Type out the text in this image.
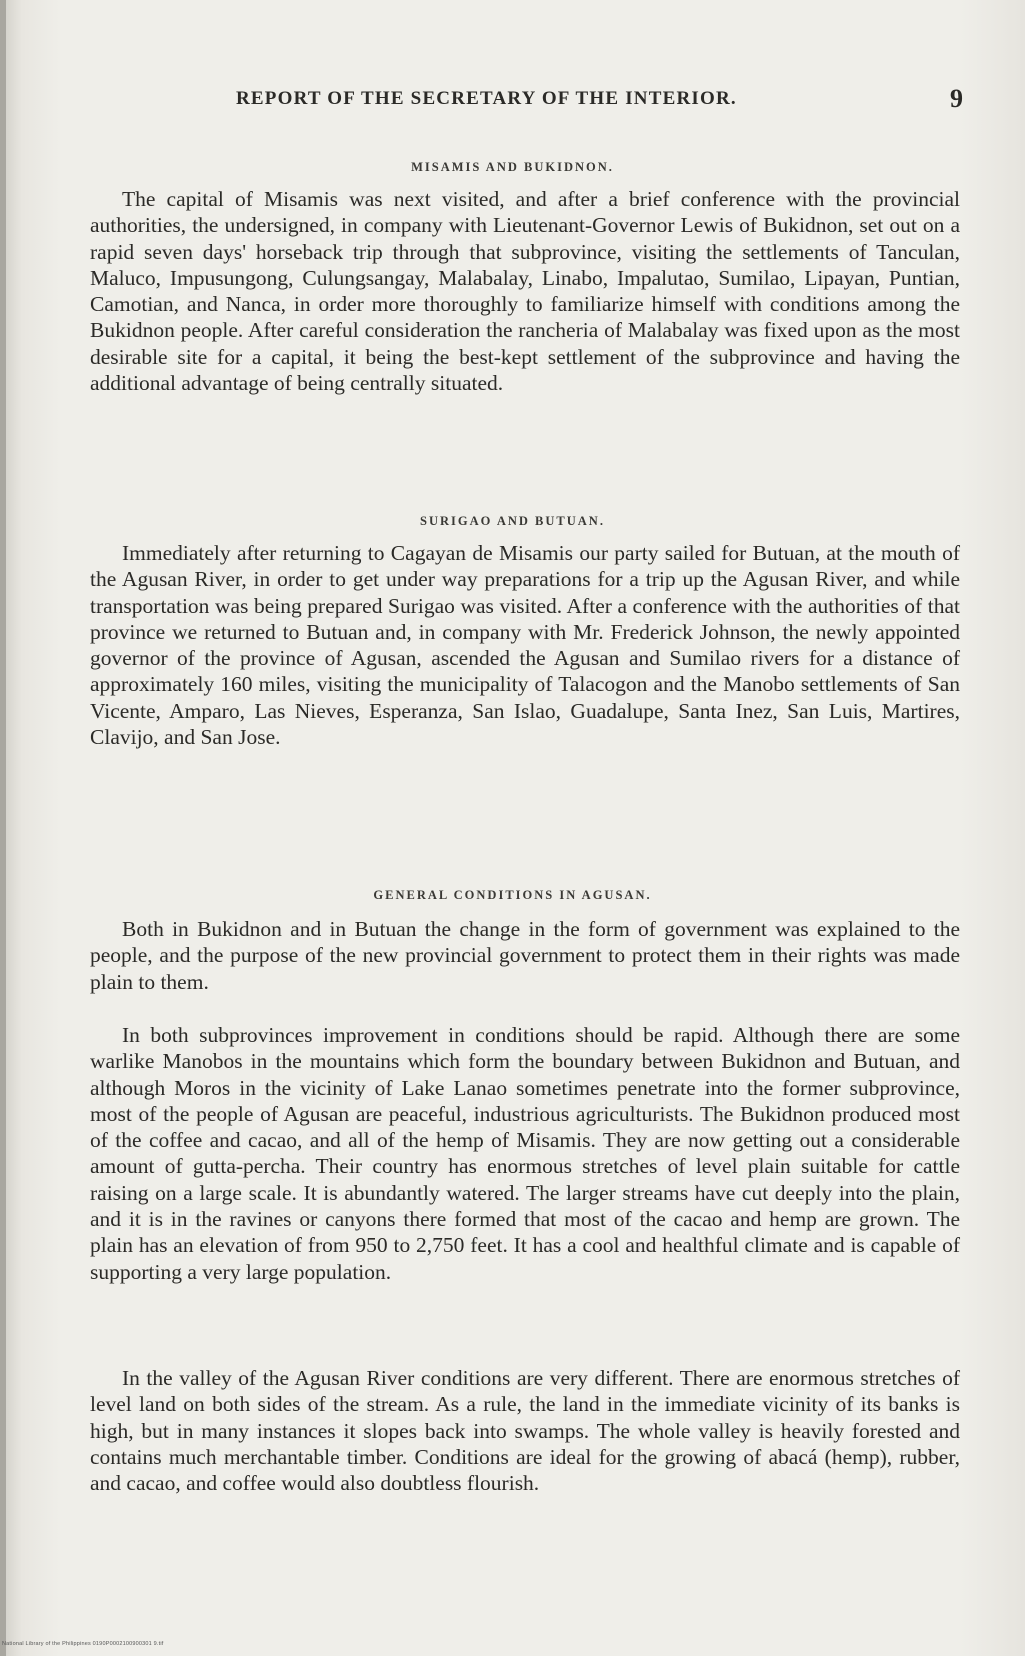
REPORT OF THE SECRETARY OF THE INTERIOR.	9
MISAMIS AND BUKIDNON.

The capital of Misamis was next visited, and after a brief conference with the provincial authorities, the undersigned, in company with Lieutenant-Governor Lewis of Bukidnon, set out on a rapid seven days' horseback trip through that subprovince, visiting the settlements of Tanculan, Maluco, Impusungong, Culungsangay, Malabalay, Linabo, Impalutao, Sumilao, Lipayan, Puntian, Camotian, and Nanca, in order more thoroughly to familiarize himself with conditions among the Bukidnon people. After careful consideration the rancheria of Malabalay was fixed upon as the most desirable site for a capital, it being the best-kept settlement of the subprovince and having the additional advantage of being centrally situated.

SURIGAO AND BUTUAN.

Immediately after returning to Cagayan de Misamis our party sailed for Butuan, at the mouth of the Agusan River, in order to get under way preparations for a trip up the Agusan River, and while transportation was being prepared Surigao was visited. After a conference with the authorities of that province we returned to Butuan and, in company with Mr. Frederick Johnson, the newly appointed governor of the province of Agusan, ascended the Agusan and Sumilao rivers for a distance of approximately 160 miles, visiting the municipality of Talacogon and the Manobo settlements of San Vicente, Amparo, Las Nieves, Esperanza, San Islao, Guadalupe, Santa Inez, San Luis, Martires, Clavijo, and San Jose.

GENERAL CONDITIONS IN AGUSAN.

Both in Bukidnon and in Butuan the change in the form of government was explained to the people, and the purpose of the new provincial government to protect them in their rights was made plain to them.

In both subprovinces improvement in conditions should be rapid. Although there are some warlike Manobos in the mountains which form the boundary between Bukidnon and Butuan, and although Moros in the vicinity of Lake Lanao sometimes penetrate into the former subprovince, most of the people of Agusan are peaceful, industrious agriculturists. The Bukidnon produced most of the coffee and cacao, and all of the hemp of Misamis. They are now getting out a considerable amount of gutta-percha. Their country has enormous stretches of level plain suitable for cattle raising on a large scale. It is abundantly watered. The larger streams have cut deeply into the plain, and it is in the ravines or canyons there formed that most of the cacao and hemp are grown. The plain has an elevation of from 950 to 2,750 feet. It has a cool and healthful climate and is capable of supporting a very large population.

In the valley of the Agusan River conditions are very different. There are enormous stretches of level land on both sides of the stream. As a rule, the land in the immediate vicinity of its banks is high, but in many instances it slopes back into swamps. The whole valley is heavily forested and contains much merchantable timber. Conditions are ideal for the growing of abacá (hemp), rubber, and cacao, and coffee would also doubtless flourish.

National Library of the Philippines 0190P0002100900301 9.tif
